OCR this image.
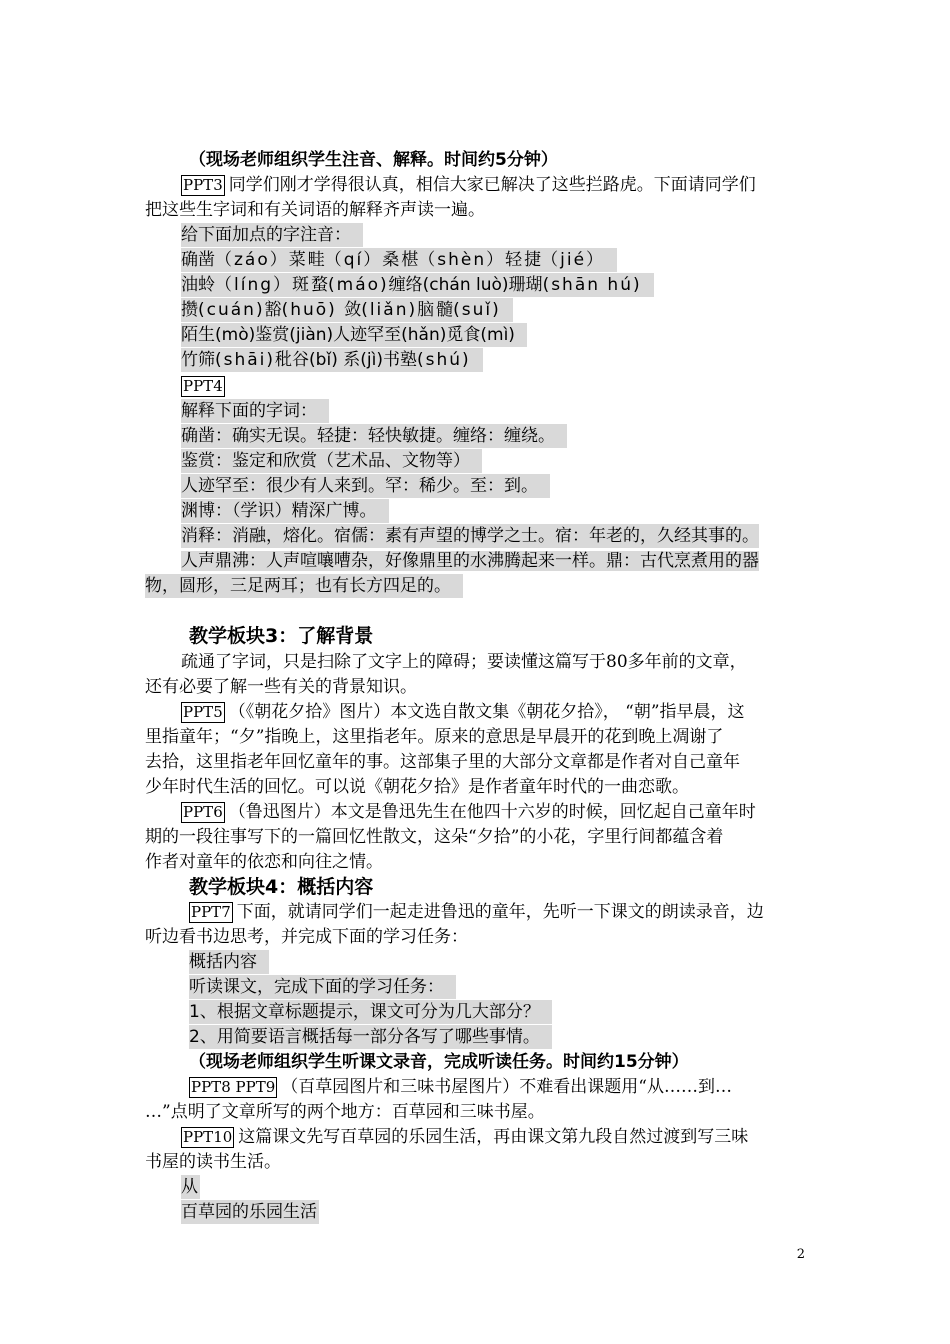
（现场老师组织学生注音、解释。时间约5分钟）
PPT3 同学们刚才学得很认真，相信大家已解决了这些拦路虎。下面请同学们
把这些生字词和有关词语的解释齐声读一遍。
给下面加点的字注音：
确凿（záo）菜畦（qí）桑椹（shèn）轻捷（jié）
油蛉（líng）斑蝥(máo)缠络(chán luò)珊瑚(shān hú)
攒(cuán)豁(huō) 敛(liǎn)脑髓(suǐ)
陌生(mò)鉴赏(jiàn)人迹罕至(hǎn)觅食(mì)
竹筛(shāi)秕谷(bǐ) 系(jì)书塾(shú)
PPT4
解释下面的字词：
确凿：确实无误。轻捷：轻快敏捷。缠络：缠绕。
鉴赏：鉴定和欣赏（艺术品、文物等）
人迹罕至：很少有人来到。罕：稀少。至：到。
渊博：（学识）精深广博。
消释：消融，熔化。宿儒：素有声望的博学之士。宿：年老的，久经其事的。
人声鼎沸：人声喧嚷嘈杂，好像鼎里的水沸腾起来一样。鼎：古代烹煮用的器
物，圆形，三足两耳；也有长方四足的。
教学板块3：了解背景
疏通了字词，只是扫除了文字上的障碍；要读懂这篇写于80多年前的文章，
还有必要了解一些有关的背景知识。
PPT5 （《朝花夕拾》图片）本文选自散文集《朝花夕拾》， “朝”指早晨，这
里指童年；“夕”指晚上，这里指老年。原来的意思是早晨开的花到晚上凋谢了
去拾，这里指老年回忆童年的事。这部集子里的大部分文章都是作者对自己童年
少年时代生活的回忆。可以说《朝花夕拾》是作者童年时代的一曲恋歌。
PPT6 （鲁迅图片）本文是鲁迅先生在他四十六岁的时候，回忆起自己童年时
期的一段往事写下的一篇回忆性散文，这朵“夕拾”的小花，字里行间都蕴含着
作者对童年的依恋和向往之情。
教学板块4：概括内容
PPT7 下面，就请同学们一起走进鲁迅的童年，先听一下课文的朗读录音，边
听边看书边思考，并完成下面的学习任务：
概括内容
听读课文，完成下面的学习任务：
1、根据文章标题提示，课文可分为几大部分？
2、用简要语言概括每一部分各写了哪些事情。
（现场老师组织学生听课文录音，完成听读任务。时间约15分钟）
PPT8 PPT9 （百草园图片和三味书屋图片）不难看出课题用“从……到…
…”点明了文章所写的两个地方：百草园和三味书屋。
PPT10 这篇课文先写百草园的乐园生活，再由课文第九段自然过渡到写三味
书屋的读书生活。
从
百草园的乐园生活
2
